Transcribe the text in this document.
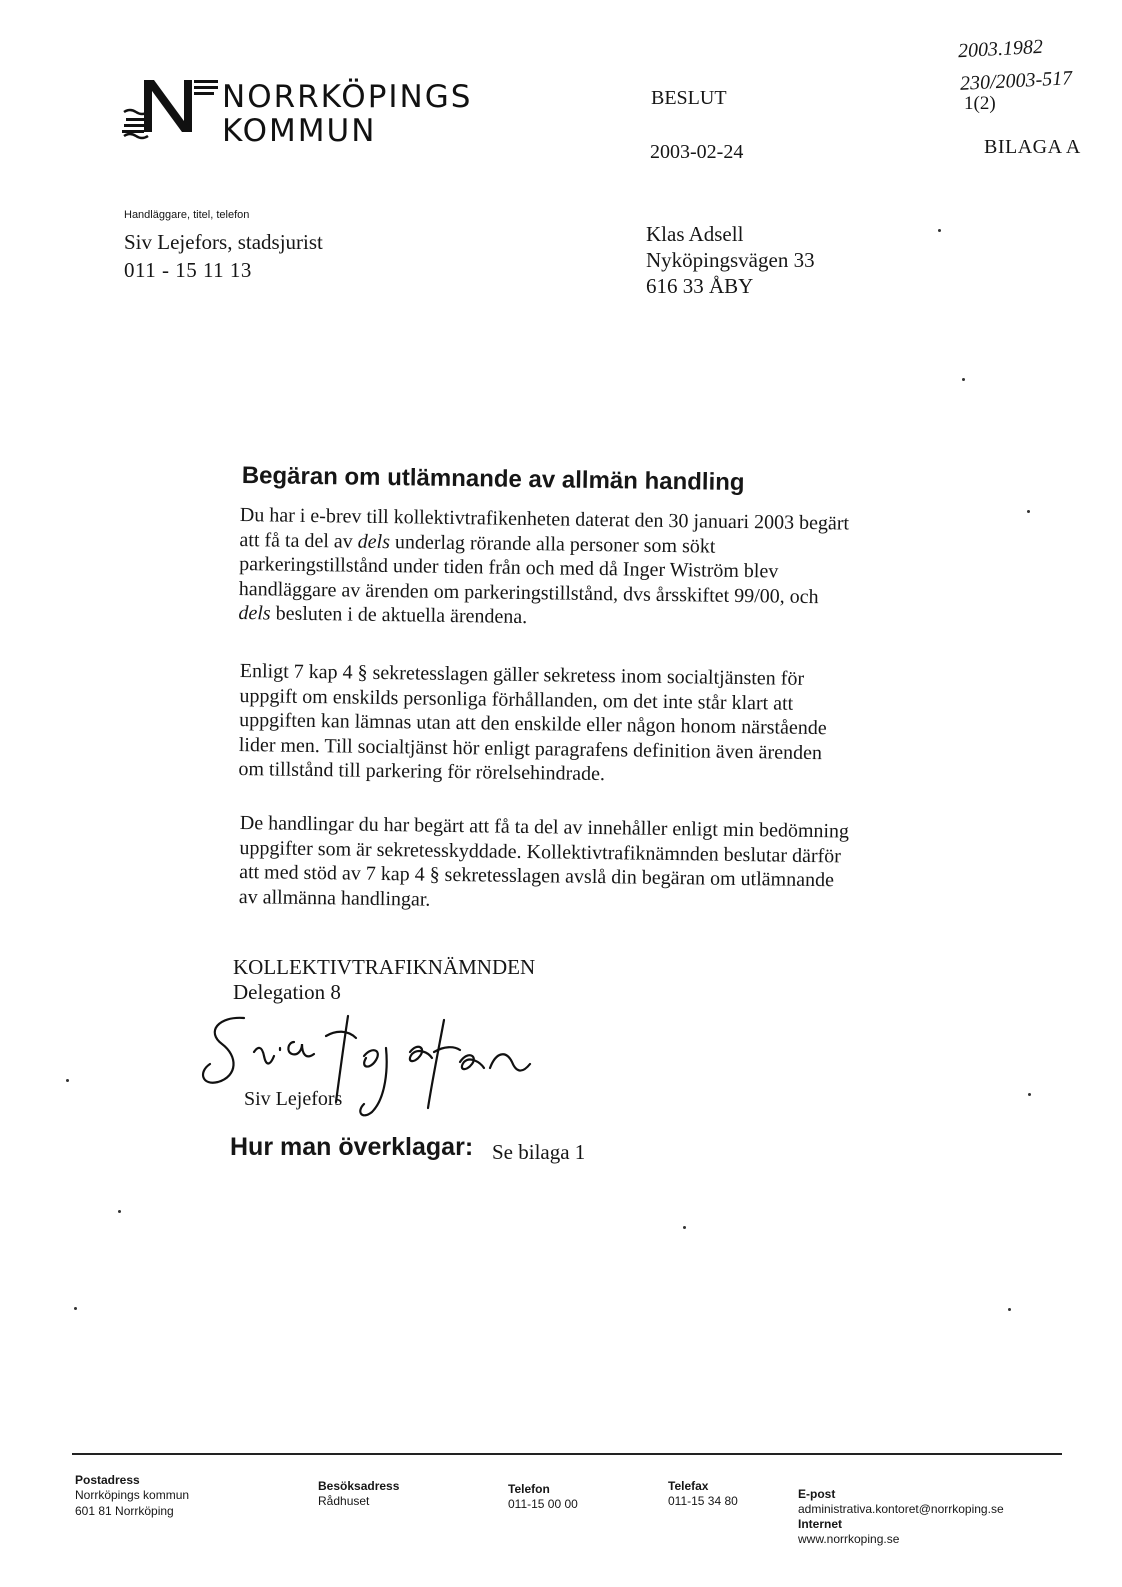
NORRKÖPINGS
KOMMUN
BESLUT
2003-02-24
2003.1982
230/2003-517
1(2)
BILAGA A
Handläggare, titel, telefon
Siv Lejefors, stadsjurist
011 - 15 11 13
Klas Adsell
Nyköpingsvägen 33
616 33 ÅBY
Begäran om utlämnande av allmän handling
Du har i e-brev till kollektivtrafikenheten daterat den 30 januari 2003 begärt
att få ta del av dels underlag rörande alla personer som sökt
parkeringstillstånd under tiden från och med då Inger Wiström blev
handläggare av ärenden om parkeringstillstånd, dvs årsskiftet 99/00, och
dels besluten i de aktuella ärendena.
Enligt 7 kap 4 § sekretesslagen gäller sekretess inom socialtjänsten för
uppgift om enskilds personliga förhållanden, om det inte står klart att
uppgiften kan lämnas utan att den enskilde eller någon honom närstående
lider men. Till socialtjänst hör enligt paragrafens definition även ärenden
om tillstånd till parkering för rörelsehindrade.
De handlingar du har begärt att få ta del av innehåller enligt min bedömning
uppgifter som är sekretesskyddade. Kollektivtrafiknämnden beslutar därför
att med stöd av 7 kap 4 § sekretesslagen avslå din begäran om utlämnande
av allmänna handlingar.
KOLLEKTIVTRAFIKNÄMNDEN
Delegation 8
Siv Lejefors
Hur man överklagar: Se bilaga 1
Postadress
Norrköpings kommun
601 81 Norrköping
Besöksadress
Rådhuset
Telefon
011-15 00 00
Telefax
011-15 34 80	E-post
administrativa.kontoret@norrkoping.se
Internet
www.norrkoping.se
